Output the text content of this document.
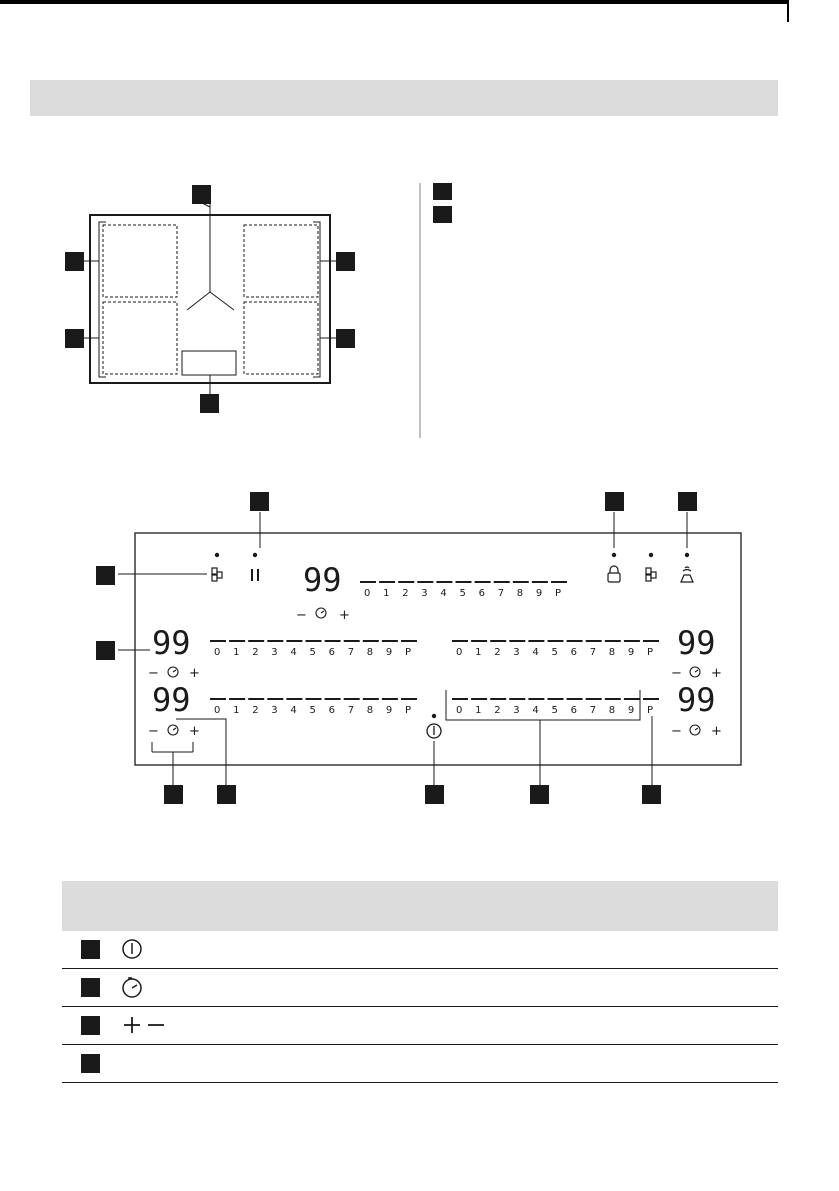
99
99
99
99
99
− +
− +
− +
− +
− +
0 1 2 3 4 5 6 7 8 9 P
0 1 2 3 4 5 6 7 8 9 P	0 1 2 3 4 5 6 7 8 9 P
0 1 2 3 4 5 6 7 8 9 P	0 1 2 3 4 5 6 7 8 9 P
